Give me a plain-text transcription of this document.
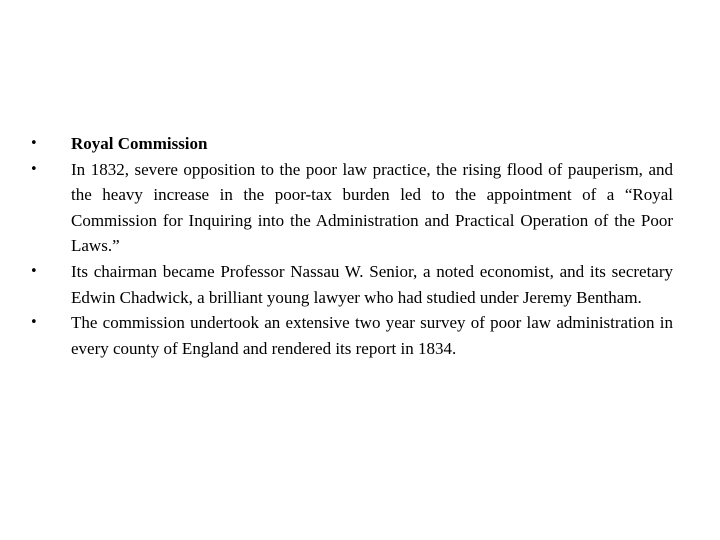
•	Royal Commission
•	In 1832, severe opposition to the poor law practice, the rising flood of pauperism, and the heavy increase in the poor-tax burden led to the appointment of a “Royal Commission for Inquiring into the Administration and Practical Operation of the Poor Laws.”
•	Its chairman became Professor Nassau W. Senior, a noted economist, and its secretary Edwin Chadwick, a brilliant young lawyer who had studied under Jeremy Bentham.
•	The commission undertook an extensive two year survey of poor law administration in every county of England and rendered its report in 1834.
